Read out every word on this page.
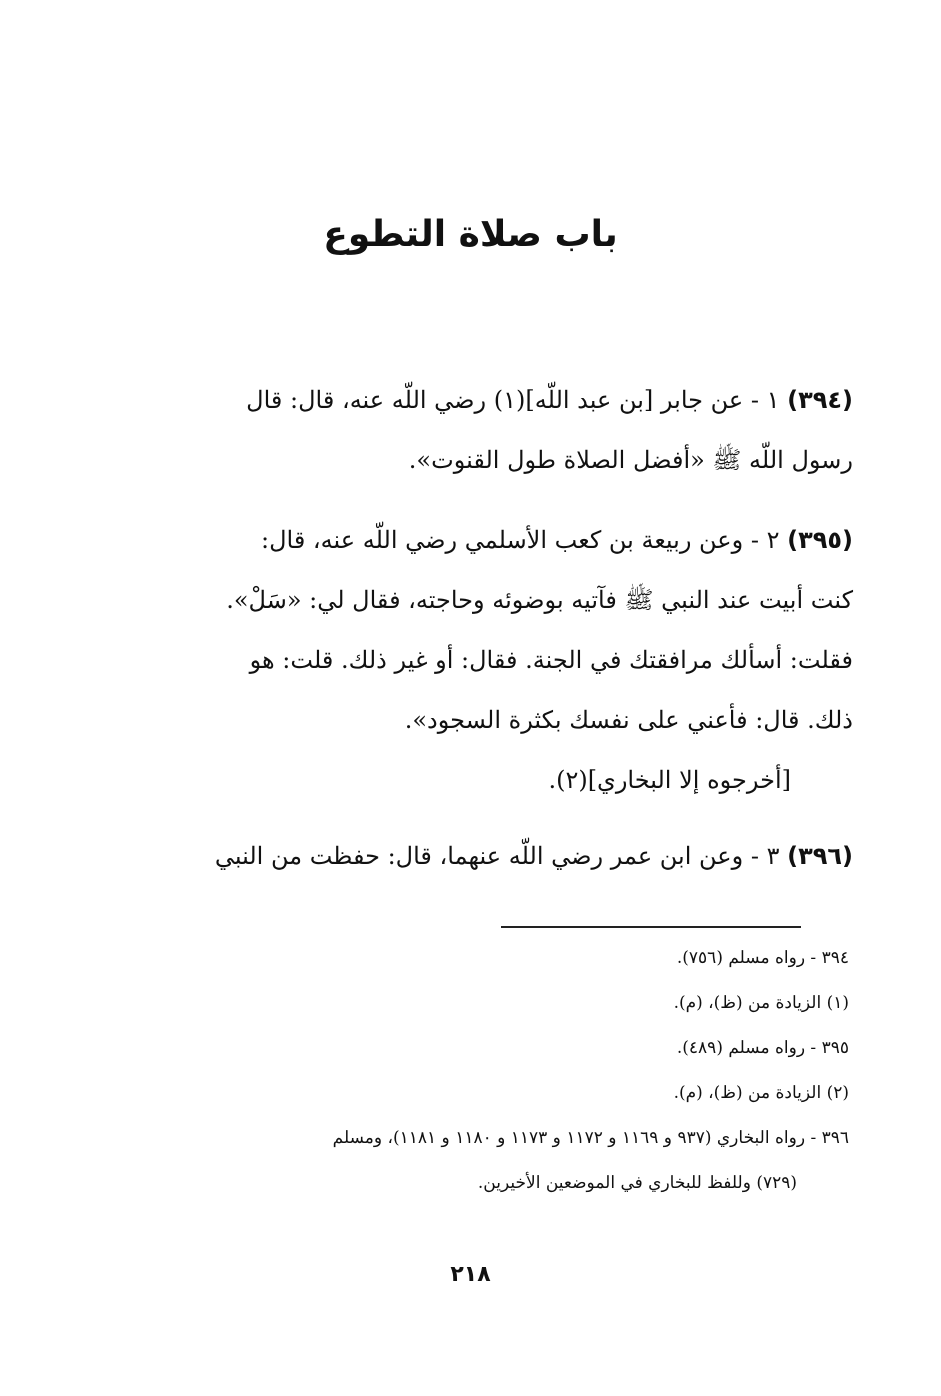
باب صلاة التطوع

(٣٩٤) ١ - عن جابر [بن عبد اللّه](١) رضي اللّه عنه، قال: قال

رسول اللّه ﷺ «أفضل الصلاة طول القنوت».

(٣٩٥) ٢ - وعن ربيعة بن كعب الأسلمي رضي اللّه عنه، قال:

كنت أبيت عند النبي ﷺ فآتيه بوضوئه وحاجته، فقال لي: «سَلْ».

فقلت: أسألك مرافقتك في الجنة. فقال: أو غير ذلك. قلت: هو

ذلك. قال: فأعني على نفسك بكثرة السجود».

[أخرجوه إلا البخاري](٢).

(٣٩٦) ٣ - وعن ابن عمر رضي اللّه عنهما، قال: حفظت من النبي

٣٩٤ - رواه مسلم (٧٥٦).

(١) الزيادة من (ظ)، (م).

٣٩٥ - رواه مسلم (٤٨٩).

(٢) الزيادة من (ظ)، (م).

٣٩٦ - رواه البخاري (٩٣٧ و ١١٦٩ و ١١٧٢ و ١١٧٣ و ١١٨٠ و ١١٨١)، ومسلم

(٧٢٩) وللفظ للبخاري في الموضعين الأخيرين.

٢١٨
